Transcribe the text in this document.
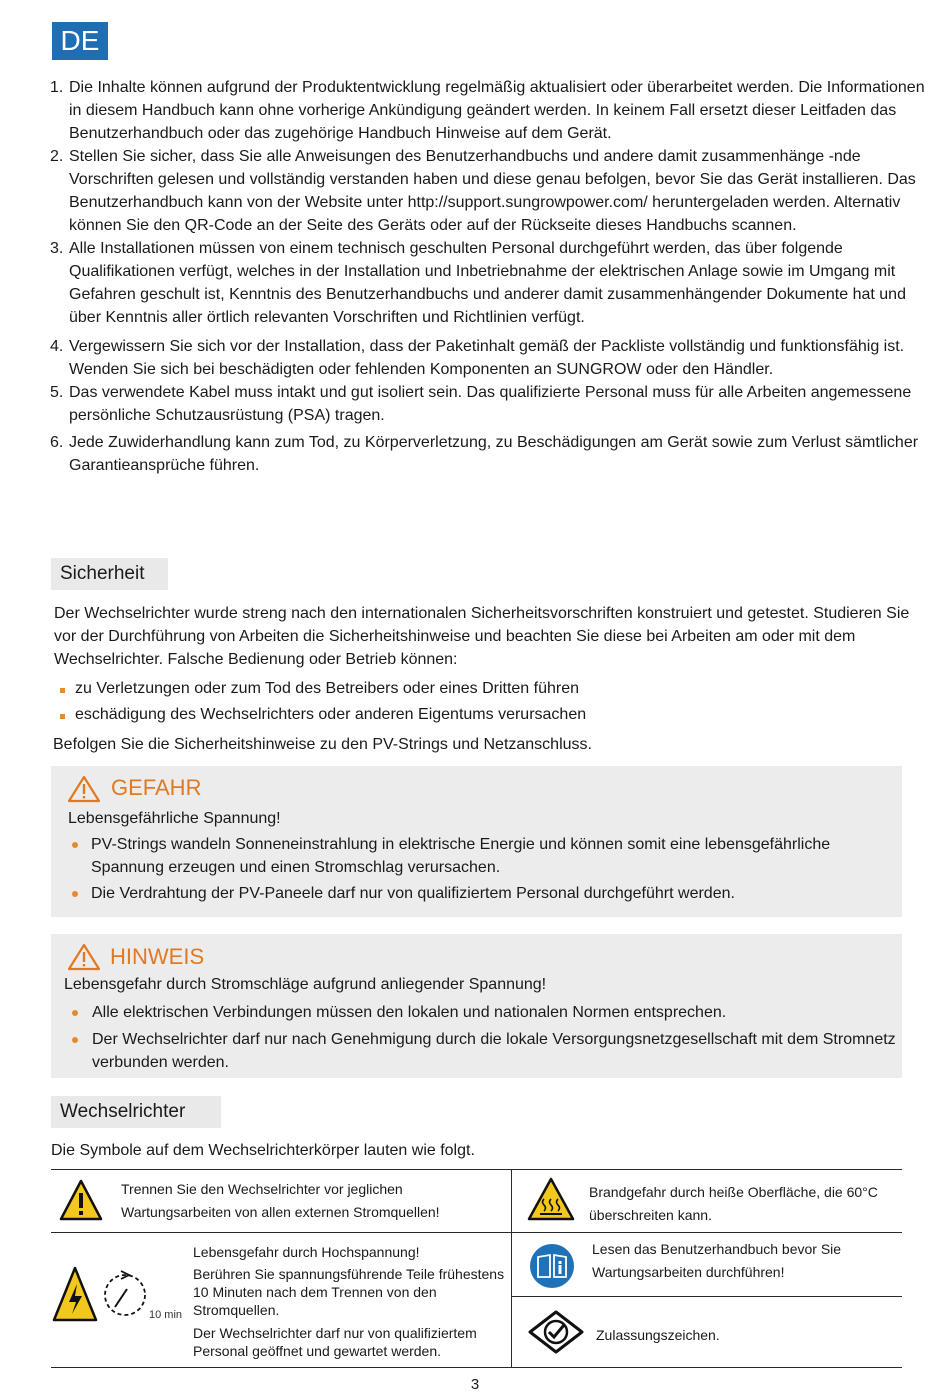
DE
1. Die Inhalte können aufgrund der Produktentwicklung regelmäßig aktualisiert oder überarbeitet werden. Die Informationen in diesem Handbuch kann ohne vorherige Ankündigung geändert werden. In keinem Fall ersetzt dieser Leitfaden das Benutzerhandbuch oder das zugehörige Handbuch Hinweise auf dem Gerät.
2. Stellen Sie sicher, dass Sie alle Anweisungen des Benutzerhandbuchs und andere damit zusammenhänge -nde Vorschriften gelesen und vollständig verstanden haben und diese genau befolgen, bevor Sie das Gerät installieren. Das Benutzerhandbuch kann von der Website unter http://support.sungrowpower.com/ heruntergeladen werden. Alternativ können Sie den QR-Code an der Seite des Geräts oder auf der Rückseite dieses Handbuchs scannen.
3. Alle Installationen müssen von einem technisch geschulten Personal durchgeführt werden, das über folgende Qualifikationen verfügt, welches in der Installation und Inbetriebnahme der elektrischen Anlage sowie im Umgang mit Gefahren geschult ist, Kenntnis des Benutzerhandbuchs und anderer damit zusammenhängender Dokumente hat und über Kenntnis aller örtlich relevanten Vorschriften und Richtlinien verfügt.
4. Vergewissern Sie sich vor der Installation, dass der Paketinhalt gemäß der Packliste vollständig und funktionsfähig ist. Wenden Sie sich bei beschädigten oder fehlenden Komponenten an SUNGROW oder den Händler.
5. Das verwendete Kabel muss intakt und gut isoliert sein. Das qualifizierte Personal muss für alle Arbeiten angemessene persönliche Schutzausrüstung (PSA) tragen.
6. Jede Zuwiderhandlung kann zum Tod, zu Körperverletzung, zu Beschädigungen am Gerät sowie zum Verlust sämtlicher Garantieansprüche führen.
Sicherheit
Der Wechselrichter wurde streng nach den internationalen Sicherheitsvorschriften konstruiert und getestet. Studieren Sie vor der Durchführung von Arbeiten die Sicherheitshinweise und beachten Sie diese bei Arbeiten am oder mit dem Wechselrichter. Falsche Bedienung oder Betrieb können:
zu Verletzungen oder zum Tod des Betreibers oder eines Dritten führen
eschädigung des Wechselrichters oder anderen Eigentums verursachen
Befolgen Sie die Sicherheitshinweise zu den PV-Strings und Netzanschluss.
GEFAHR
Lebensgefährliche Spannung!
PV-Strings wandeln Sonneneinstrahlung in elektrische Energie und können somit eine lebensgefährliche Spannung erzeugen und einen Stromschlag verursachen.
Die Verdrahtung der PV-Paneele darf nur von qualifiziertem Personal durchgeführt werden.
HINWEIS
Lebensgefahr durch Stromschläge aufgrund anliegender Spannung!
Alle elektrischen Verbindungen müssen den lokalen und nationalen Normen entsprechen.
Der Wechselrichter darf nur nach Genehmigung durch die lokale Versorgungsnetzgesellschaft mit dem Stromnetz verbunden werden.
Wechselrichter
Die Symbole auf dem Wechselrichterkörper lauten wie folgt.
Trennen Sie den Wechselrichter vor jeglichen Wartungsarbeiten von allen externen Stromquellen!
Brandgefahr durch heiße Oberfläche, die 60°C überschreiten kann.
10 min
Lebensgefahr durch Hochspannung!
Berühren Sie spannungsführende Teile frühestens 10 Minuten nach dem Trennen von den Stromquellen.
Der Wechselrichter darf nur von qualifiziertem Personal geöffnet und gewartet werden.
Lesen das Benutzerhandbuch bevor Sie Wartungsarbeiten durchführen!
Zulassungszeichen.
3
